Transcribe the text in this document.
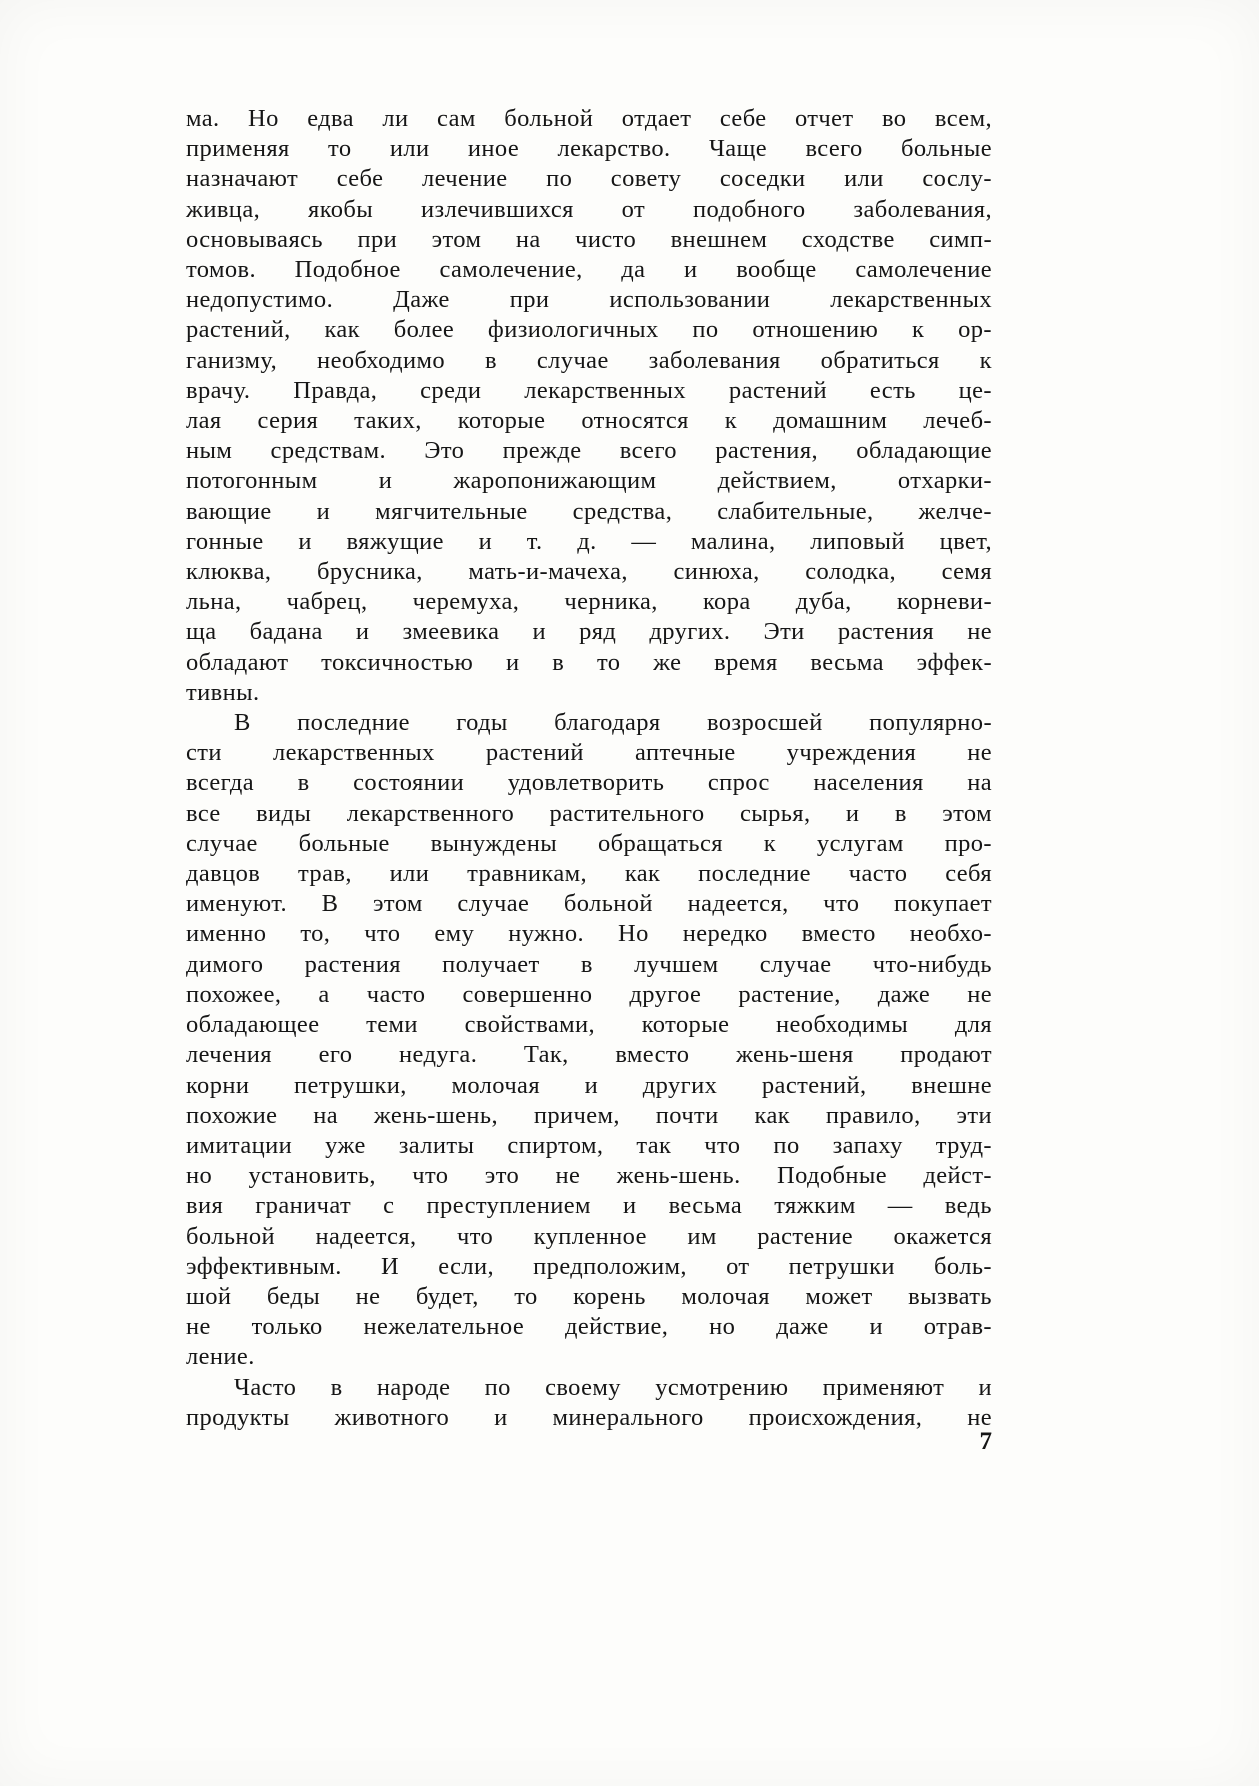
ма. Но едва ли сам больной отдает себе отчет во всем,
применяя то или иное лекарство. Чаще всего больные
назначают себе лечение по совету соседки или сослу-
живца, якобы излечившихся от подобного заболевания,
основываясь при этом на чисто внешнем сходстве симп-
томов. Подобное самолечение, да и вообще самолечение
недопустимо. Даже при использовании лекарственных
растений, как более физиологичных по отношению к ор-
ганизму, необходимо в случае заболевания обратиться к
врачу. Правда, среди лекарственных растений есть це-
лая серия таких, которые относятся к домашним лечеб-
ным средствам. Это прежде всего растения, обладающие
потогонным и жаропонижающим действием, отхарки-
вающие и мягчительные средства, слабительные, желче-
гонные и вяжущие и т. д. — малина, липовый цвет,
клюква, брусника, мать-и-мачеха, синюха, солодка, семя
льна, чабрец, черемуха, черника, кора дуба, корневи-
ща бадана и змеевика и ряд других. Эти растения не
обладают токсичностью и в то же время весьма эффек-
тивны.
В последние годы благодаря возросшей популярно-
сти лекарственных растений аптечные учреждения не
всегда в состоянии удовлетворить спрос населения на
все виды лекарственного растительного сырья, и в этом
случае больные вынуждены обращаться к услугам про-
давцов трав, или травникам, как последние часто себя
именуют. В этом случае больной надеется, что покупает
именно то, что ему нужно. Но нередко вместо необхо-
димого растения получает в лучшем случае что-нибудь
похожее, а часто совершенно другое растение, даже не
обладающее теми свойствами, которые необходимы для
лечения его недуга. Так, вместо жень-шеня продают
корни петрушки, молочая и других растений, внешне
похожие на жень-шень, причем, почти как правило, эти
имитации уже залиты спиртом, так что по запаху труд-
но установить, что это не жень-шень. Подобные дейст-
вия граничат с преступлением и весьма тяжким — ведь
больной надеется, что купленное им растение окажется
эффективным. И если, предположим, от петрушки боль-
шой беды не будет, то корень молочая может вызвать
не только нежелательное действие, но даже и отрав-
ление.
Часто в народе по своему усмотрению применяют и
продукты животного и минерального происхождения, не
7
